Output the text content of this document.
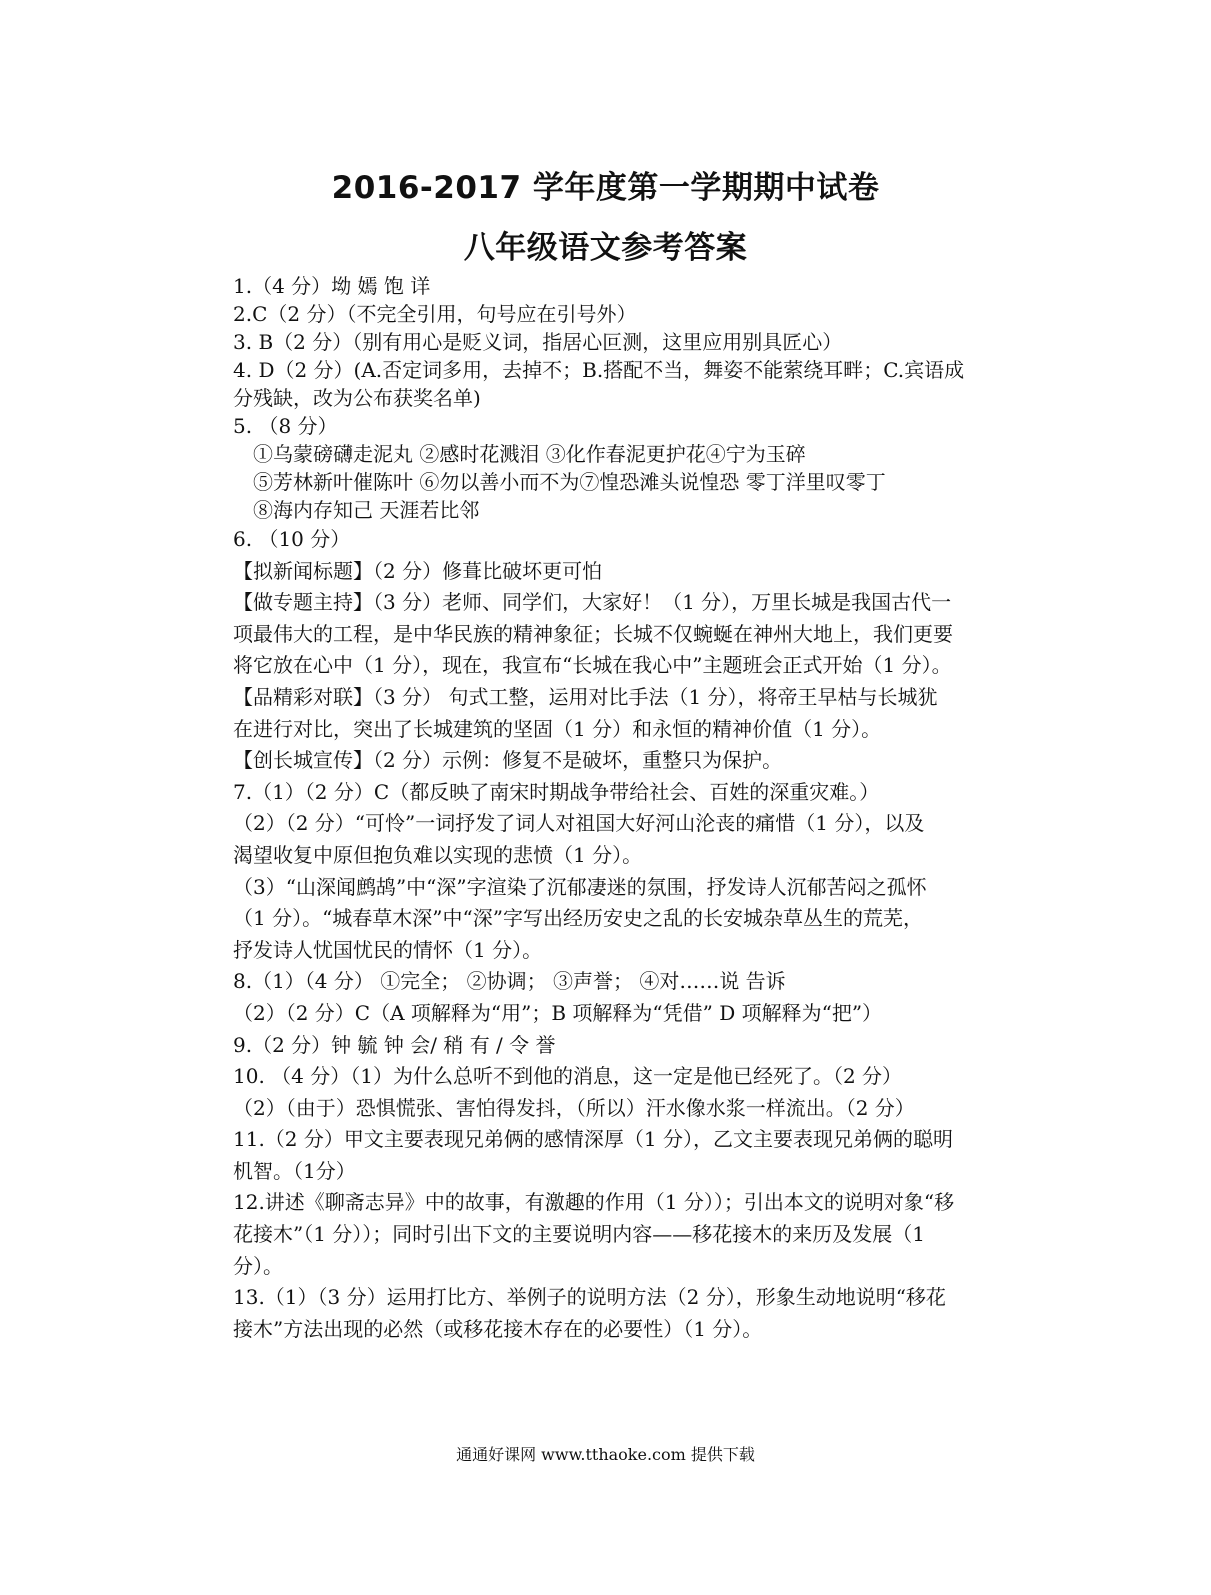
2016-2017 学年度第一学期期中试卷
八年级语文参考答案

1.（4 分）坳 嫣 饱 详

2.C（2 分）（不完全引用，句号应在引号外）

3. B（2 分）（别有用心是贬义词，指居心叵测，这里应用别具匠心）

4. D（2 分）(A.否定词多用，去掉不；B.搭配不当，舞姿不能萦绕耳畔；C.宾语成

分残缺，改为公布获奖名单)

5. （8 分）

①乌蒙磅礴走泥丸 ②感时花溅泪 ③化作春泥更护花④宁为玉碎

⑤芳林新叶催陈叶 ⑥勿以善小而不为⑦惶恐滩头说惶恐 零丁洋里叹零丁

⑧海内存知己 天涯若比邻

6. （10 分）

【拟新闻标题】（2 分）修葺比破坏更可怕

【做专题主持】（3 分）老师、同学们，大家好！（1 分），万里长城是我国古代一

项最伟大的工程，是中华民族的精神象征；长城不仅蜿蜒在神州大地上，我们更要

将它放在心中（1 分），现在，我宣布“长城在我心中”主题班会正式开始（1 分）。

【品精彩对联】（3 分） 句式工整，运用对比手法（1 分），将帝王早枯与长城犹

在进行对比，突出了长城建筑的坚固（1 分）和永恒的精神价值（1 分）。

【创长城宣传】（2 分）示例：修复不是破坏，重整只为保护。

7.（1）（2 分）C（都反映了南宋时期战争带给社会、百姓的深重灾难。）

（2）（2 分）“可怜”一词抒发了词人对祖国大好河山沦丧的痛惜（1 分），以及

渴望收复中原但抱负难以实现的悲愤（1 分）。

（3）“山深闻鹧鸪”中“深”字渲染了沉郁凄迷的氛围，抒发诗人沉郁苦闷之孤怀

（1 分）。“城春草木深”中“深”字写出经历安史之乱的长安城杂草丛生的荒芜，

抒发诗人忧国忧民的情怀（1 分）。

8.（1）（4 分） ①完全； ②协调； ③声誉； ④对……说 告诉

（2）（2 分）C（A 项解释为“用”；B 项解释为“凭借” D 项解释为“把”）

9.（2 分）钟 毓 钟 会/ 稍 有 / 令 誉

10. （4 分）（1）为什么总听不到他的消息，这一定是他已经死了。（2 分）

（2）（由于）恐惧慌张、害怕得发抖，（所以）汗水像水浆一样流出。（2 分）

11.（2 分）甲文主要表现兄弟俩的感情深厚（1 分），乙文主要表现兄弟俩的聪明

机智。（1分）

12.讲述《聊斋志异》中的故事，有激趣的作用（1 分））；引出本文的说明对象“移

花接木”（1 分））；同时引出下文的主要说明内容——移花接木的来历及发展（1

分）。

13.（1）（3 分）运用打比方、举例子的说明方法（2 分），形象生动地说明“移花

接木”方法出现的必然（或移花接木存在的必要性）（1 分）。

通通好课网 www.tthaoke.com 提供下载
